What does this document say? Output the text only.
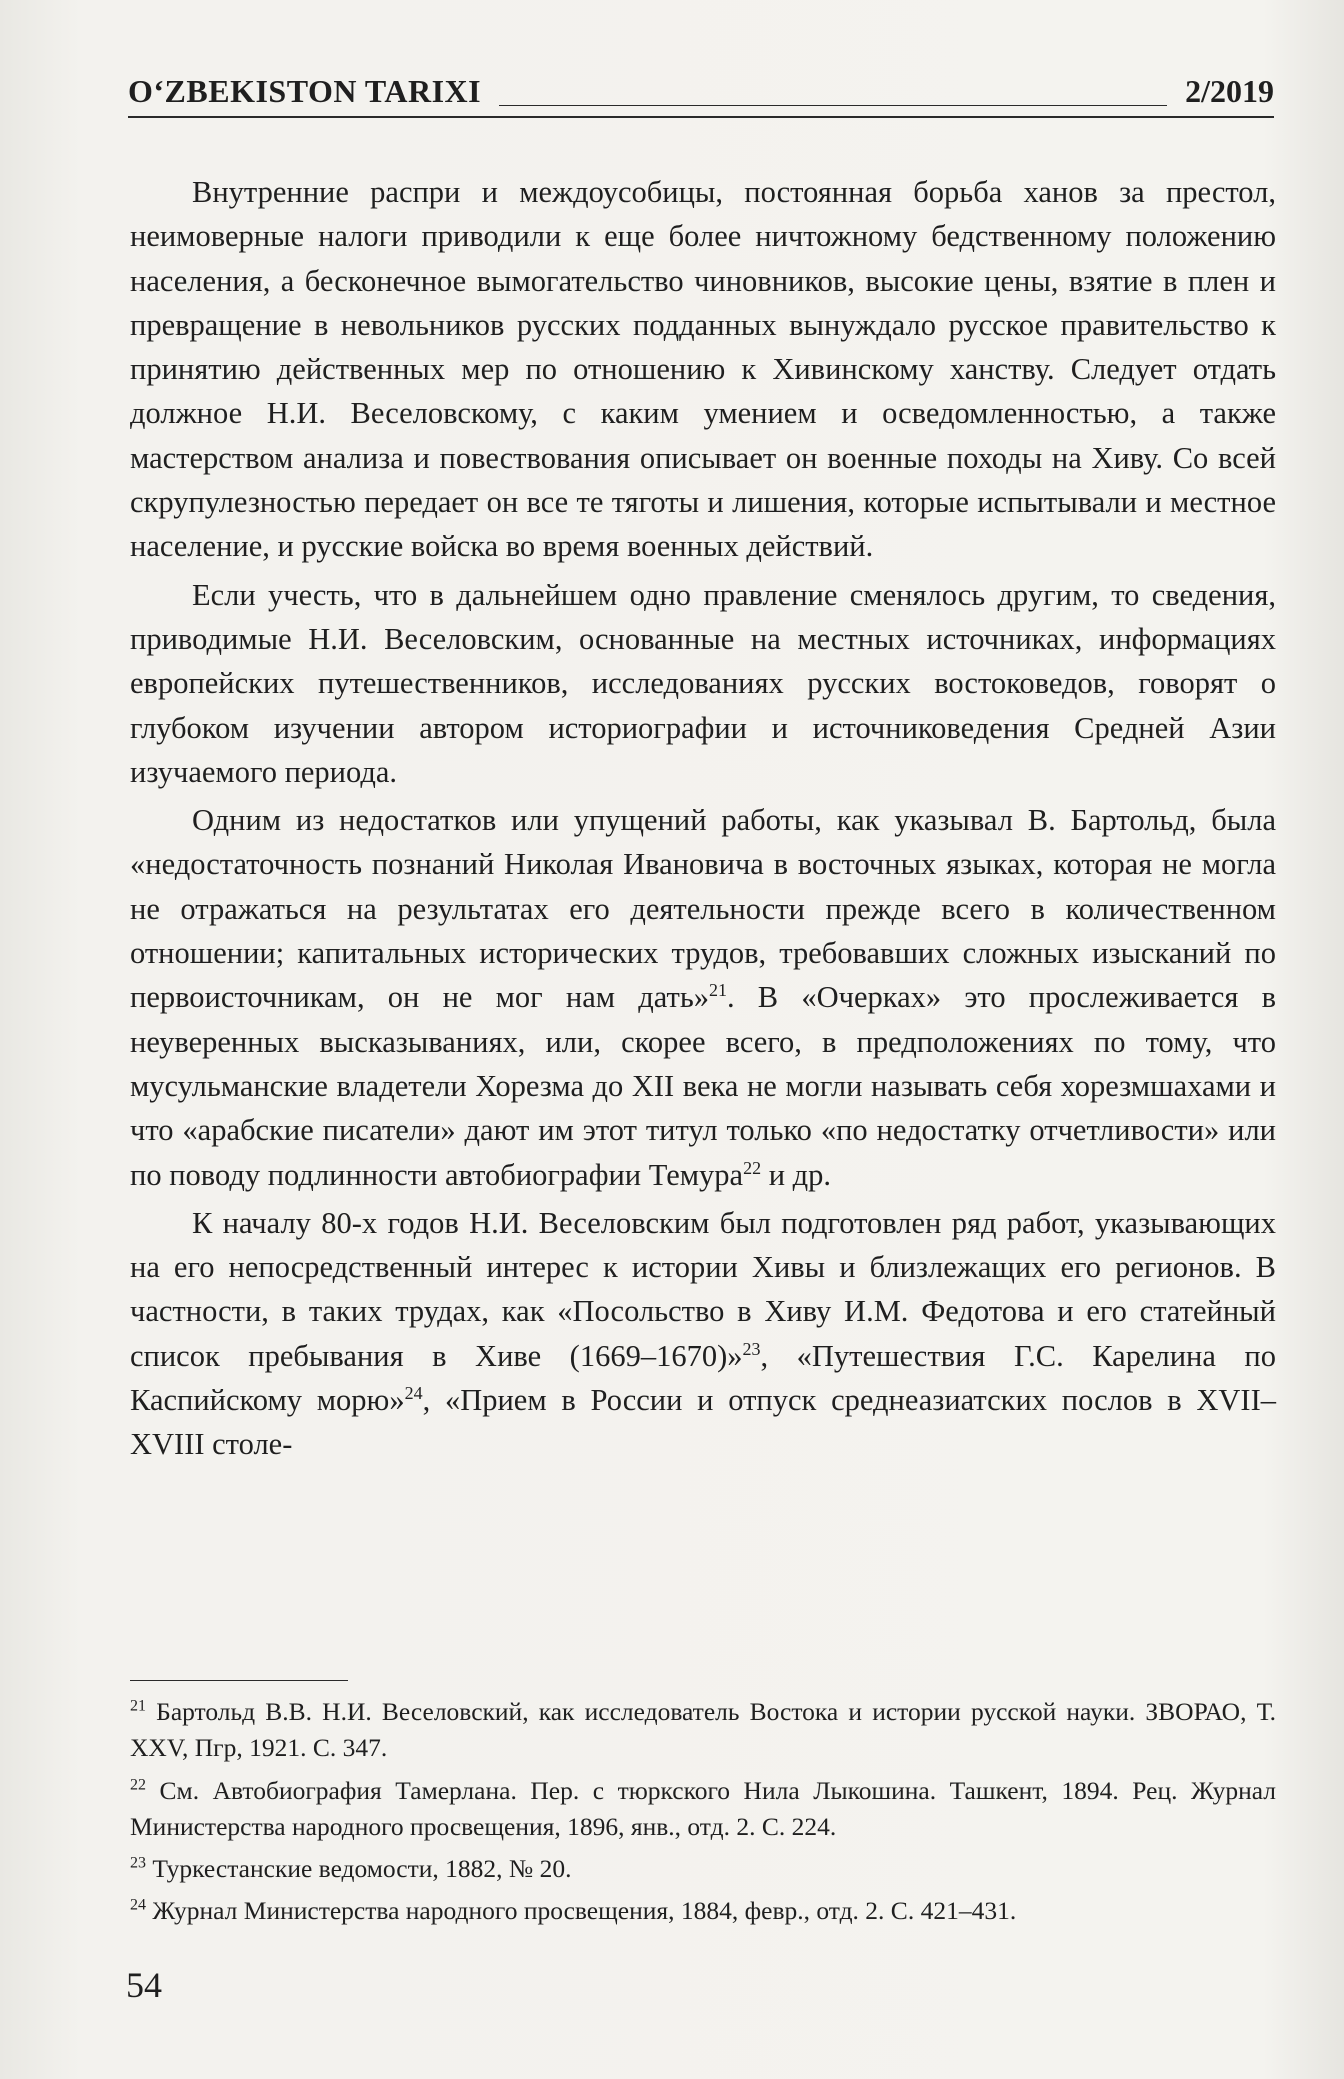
O‘ZBEKISTON TARIXI	2/2019

Внутренние распри и междоусобицы, постоянная борьба ханов за престол, неимоверные налоги приводили к еще более ничтожному бедственному положению населения, а бесконечное вымогательство чиновников, высокие цены, взятие в плен и превращение в невольников русских подданных вынуждало русское правительство к принятию действенных мер по отношению к Хивинскому ханству. Следует отдать должное Н.И. Веселовскому, с каким умением и осведомленностью, а также мастерством анализа и повествования описывает он военные походы на Хиву. Со всей скрупулезностью передает он все те тяготы и лишения, которые испытывали и местное население, и русские войска во время военных действий.

Если учесть, что в дальнейшем одно правление сменялось другим, то сведения, приводимые Н.И. Веселовским, основанные на местных источниках, информациях европейских путешественников, исследованиях русских востоковедов, говорят о глубоком изучении автором историографии и источниковедения Средней Азии изучаемого периода.

Одним из недостатков или упущений работы, как указывал В. Бартольд, была «недостаточность познаний Николая Ивановича в восточных языках, которая не могла не отражаться на результатах его деятельности прежде всего в количественном отношении; капитальных исторических трудов, требовавших сложных изысканий по первоисточникам, он не мог нам дать»$^{21}$. В «Очерках» это прослеживается в неуверенных высказываниях, или, скорее всего, в предположениях по тому, что мусульманские владетели Хорезма до XII века не могли называть себя хорезмшахами и что «арабские писатели» дают им этот титул только «по недостатку отчетливости» или по поводу подлинности автобиографии Темура$^{22}$ и др.

К началу 80-х годов Н.И. Веселовским был подготовлен ряд работ, указывающих на его непосредственный интерес к истории Хивы и близлежащих его регионов. В частности, в таких трудах, как «Посольство в Хиву И.М. Федотова и его статейный список пребывания в Хиве (1669–1670)»$^{23}$, «Путешествия Г.С. Карелина по Каспийскому морю»$^{24}$, «Прием в России и отпуск среднеазиатских послов в XVII–XVIII столе-

$^{21}$ Бартольд В.В. Н.И. Веселовский, как исследователь Востока и истории русской науки. ЗВОРАО, Т. XXV, Пгр, 1921. С. 347.
$^{22}$ См. Автобиография Тамерлана. Пер. с тюркского Нила Лыкошина. Ташкент, 1894. Рец. Журнал Министерства народного просвещения, 1896, янв., отд. 2. С. 224.
$^{23}$ Туркестанские ведомости, 1882, № 20.
$^{24}$ Журнал Министерства народного просвещения, 1884, февр., отд. 2. С. 421–431.
54
